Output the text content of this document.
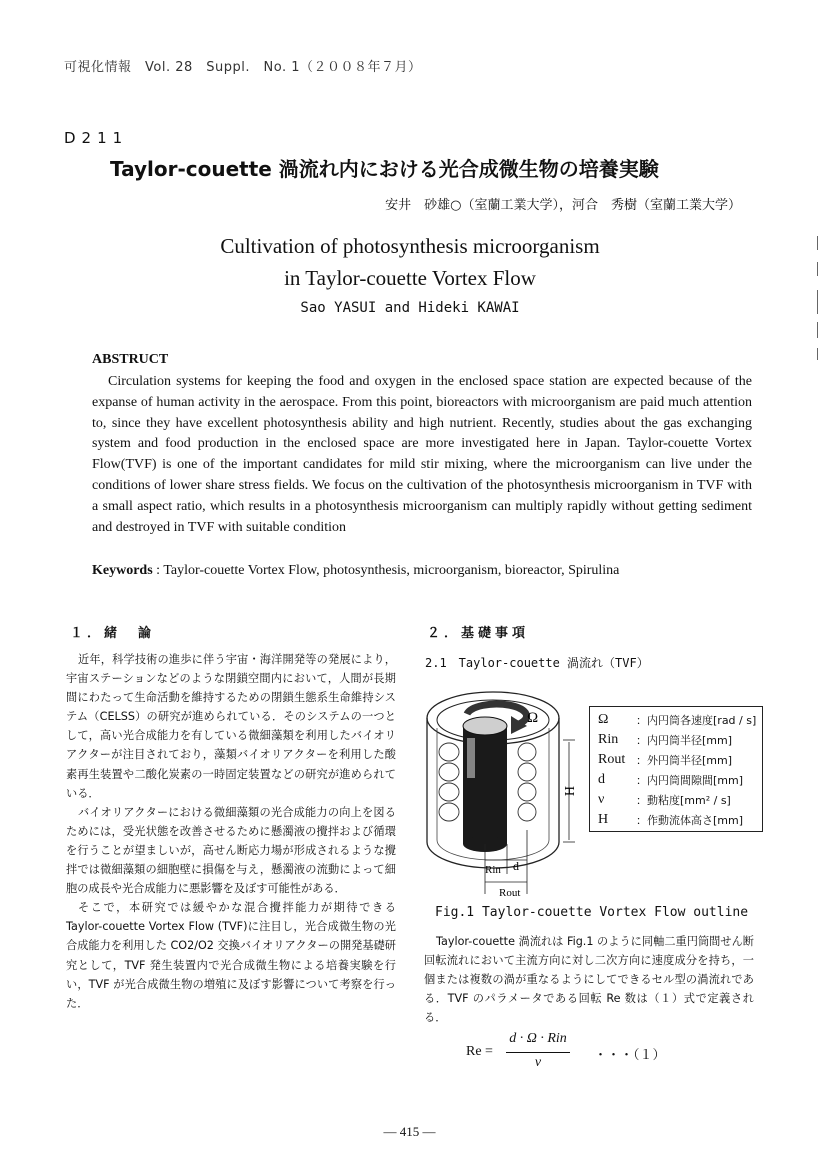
可視化情報　Vol. 28　Suppl.　No. 1（２００８年７月）
D211
Taylor-couette 渦流れ内における光合成微生物の培養実験
安井　砂雄○（室蘭工業大学），河合　秀樹（室蘭工業大学）
Cultivation of photosynthesis microorganism
in Taylor-couette Vortex Flow
Sao YASUI and Hideki KAWAI
ABSTRUCT
Circulation systems for keeping the food and oxygen in the enclosed space station are expected because of the expanse of human activity in the aerospace. From this point, bioreactors with microorganism are paid much attention to, since they have excellent photosynthesis ability and high nutrient. Recently, studies about the gas exchanging system and food production in the enclosed space are more investigated here in Japan. Taylor-couette Vortex Flow(TVF) is one of the important candidates for mild stir mixing, where the microorganism can live under the conditions of lower share stress fields. We focus on the cultivation of the photosynthesis microorganism in TVF with a small aspect ratio, which results in a photosynthesis microorganism can multiply rapidly without getting sediment and destroyed in TVF with suitable condition
Keywords : Taylor-couette Vortex Flow, photosynthesis, microorganism, bioreactor, Spirulina
１．緒　論

近年，科学技術の進歩に伴う宇宙・海洋開発等の発展により，宇宙ステーションなどのような閉鎖空間内において，人間が長期間にわたって生命活動を維持するための閉鎖生態系生命維持システム（CELSS）の研究が進められている．そのシステムの一つとして，高い光合成能力を有している微細藻類を利用したバイオリアクターが注目されており，藻類バイオリアクターを利用した酸素再生装置や二酸化炭素の一時固定装置などの研究が進められている．

バイオリアクターにおける微細藻類の光合成能力の向上を図るためには，受光状態を改善させるために懸濁液の攪拌および循環を行うことが望ましいが，高せん断応力場が形成されるような攪拌では微細藻類の細胞壁に損傷を与え，懸濁液の流動によって細胞の成長や光合成能力に悪影響を及ぼす可能性がある．

そこで，本研究では緩やかな混合攪拌能力が期待できる Taylor-couette Vortex Flow (TVF)に注目し，光合成微生物の光合成能力を利用した CO2/O2 交換バイオリアクターの開発基礎研究として，TVF 発生装置内で光合成微生物による培養実験を行い，TVF が光合成微生物の増殖に及ぼす影響について考察を行った．

２．基礎事項
2.1　Taylor-couette 渦流れ（TVF）
Ω
H
Rin d
Rout
Ω	：内円筒各速度[rad / s]
Rin	：内円筒半径[mm]
Rout ：外円筒半径[mm]
d	：内円筒間隙間[mm]
ν	：動粘度[mm² / s]
H	：作動流体高さ[mm]
Fig.1 Taylor-couette Vortex Flow outline

Taylor-couette 渦流れは Fig.1 のように同軸二重円筒間せん断回転流れにおいて主流方向に対し二次方向に速度成分を持ち，一個または複数の渦が重なるようにしてできるセル型の渦流れである．TVF のパラメータである回転 Re 数は（１）式で定義される．

Re =
d · Ω · Rin
ν	・・・（１）
— 415 —
